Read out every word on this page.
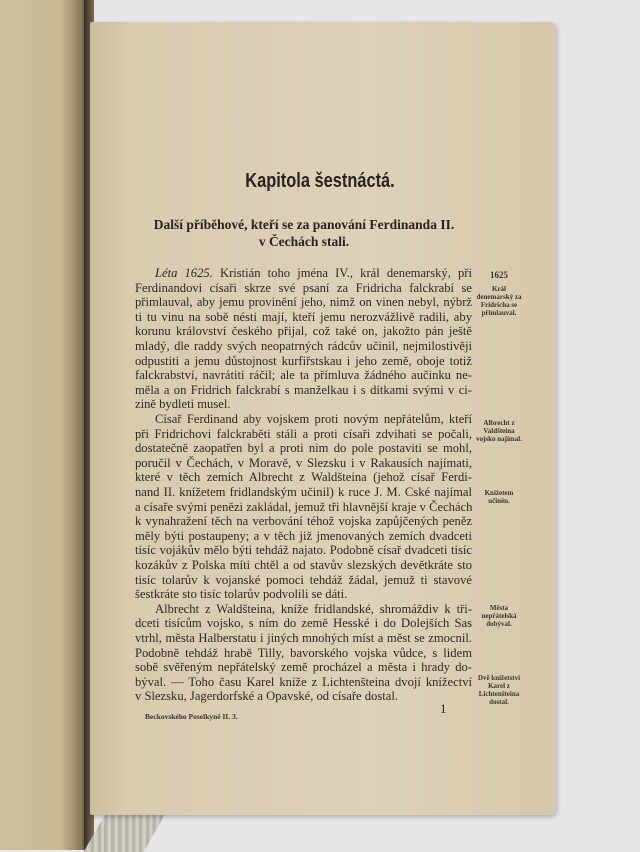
Kapitola šestnáctá.
Další příběhové, kteří se za panování Ferdinanda II.
v Čechách stali.
Léta 1625. Kristián toho jména IV., král denemarský, při
Ferdinandovi císaři skrze své psaní za Fridricha falckrabí se
přimlauval, aby jemu provinění jeho, nimž on vinen nebyl, nýbrž
ti tu vinu na sobě nésti mají, kteří jemu nerozvážlivě radili, aby
korunu království českého přijal, což také on, jakožto pán ještě
mladý, dle raddy svých neopatrných rádcův učinil, nejmilostivěji
odpustiti a jemu důstojnost kurfiřstskau i jeho země, oboje totiž
falckrabství, navrátiti ráčil; ale ta přímluva žádného aučinku ne-
měla a on Fridrich falckrabí s manželkau i s dítkami svými v ci-
zině bydleti musel.
Císař Ferdinand aby vojskem proti novým nepřátelům, kteří
při Fridrichovi falckraběti stáli a proti císaři zdvihati se počali,
dostatečně zaopatřen byl a proti nim do pole postaviti se mohl,
poručil v Čechách, v Moravě, v Slezsku i v Rakausích najímati,
které v těch zemích Albrecht z Waldšteina (jehož císař Ferdi-
nand II. knížetem fridlandským učinil) k ruce J. M. Cské najímal
a císaře svými penězi zakládal, jemuž tři hlavnější kraje v Čechách
k vynahražení těch na verbování téhož vojska zapůjčených peněz
měly býti postaupeny; a v těch již jmenovaných zemích dvadceti
tisíc vojákův mělo býti tehdáž najato. Podobně císař dvadceti tisíc
kozákův z Polska míti chtěl a od stavův slezských devětkráte sto
tisíc tolarův k vojanské pomoci tehdáž žádal, jemuž ti stavové
šestkráte sto tisíc tolarův podvolili se dáti.
Albrecht z Waldšteina, kníže fridlandské, shromáždiv k tři-
dceti tisícům vojsko, s ním do země Hesské i do Dolejších Sas
vtrhl, města Halberstatu i jiných mnohých míst a měst se zmocnil.
Podobně tehdáž hrabě Tilly, bavorského vojska vůdce, s lidem
sobě svěřeným nepřátelský země procházel a města i hrady do-
býval. — Toho času Karel kníže z Lichtenšteina dvojí knížectví
v Slezsku, Jagerdorfské a Opavské, od císaře dostal.
1625
Král denemarský za Fridricha se přimlauval.
Albrecht z Valdšteina vojsko najímal.
Knížetem učiněn.
Města nepřátelská dobýval.
Dvě knížetství Karel z Lichtenšteina dostal.
1
Beckovského Poselkyně II. 3.
